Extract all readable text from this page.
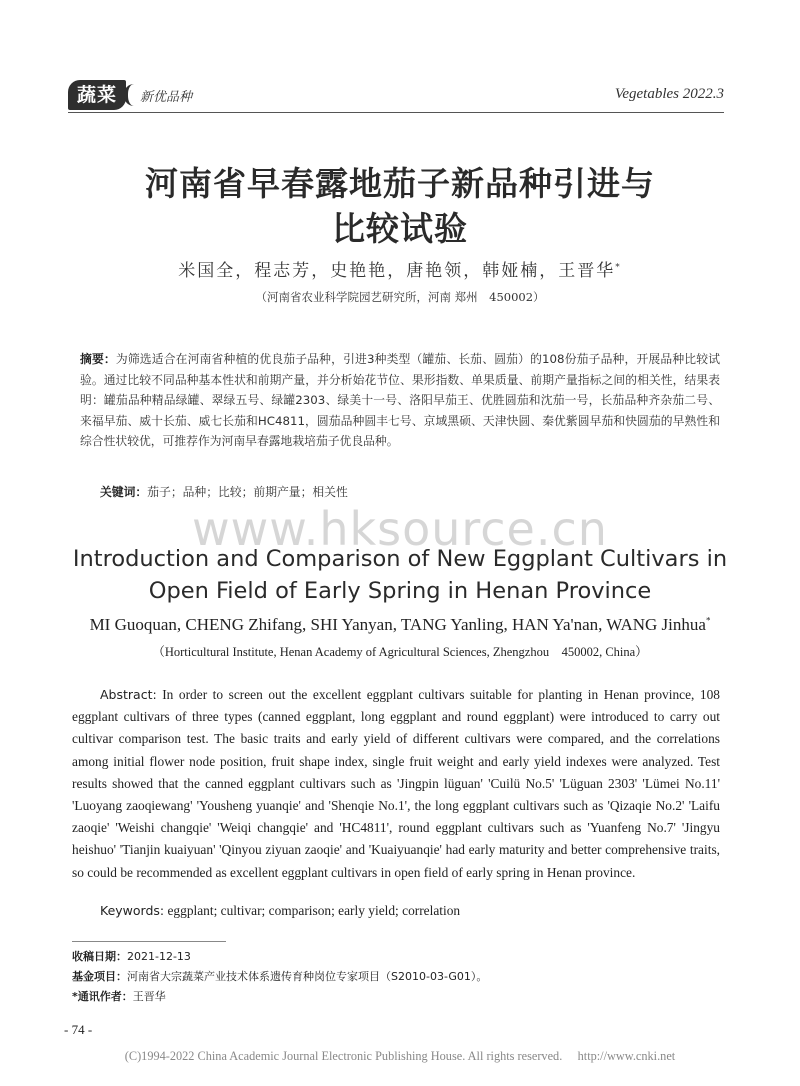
蔬菜	新优品种	Vegetables 2022.3
河南省早春露地茄子新品种引进与
比较试验
米国全，程志芳，史艳艳，唐艳领，韩娅楠，王晋华*
（河南省农业科学院园艺研究所，河南 郑州　450002）
摘要：为筛选适合在河南省种植的优良茄子品种，引进3种类型（罐茄、长茄、圆茄）的108份茄子品种，开展品种比较试验。通过比较不同品种基本性状和前期产量，并分析始花节位、果形指数、单果质量、前期产量指标之间的相关性，结果表明：罐茄品种精品绿罐、翠绿五号、绿罐2303、绿美十一号、洛阳早茄王、优胜圆茄和沈茄一号，长茄品种齐杂茄二号、来福早茄、威十长茄、威七长茄和HC4811，圆茄品种圆丰七号、京域黑硕、天津快圆、秦优紫圆早茄和快圆茄的早熟性和综合性状较优，可推荐作为河南早春露地栽培茄子优良品种。
关键词：茄子；品种；比较；前期产量；相关性
www.hksource.cn
Introduction and Comparison of New Eggplant Cultivars in
Open Field of Early Spring in Henan Province
MI Guoquan, CHENG Zhifang, SHI Yanyan, TANG Yanling, HAN Ya'nan, WANG Jinhua*
（Horticultural Institute, Henan Academy of Agricultural Sciences, Zhengzhou　450002, China）
Abstract: In order to screen out the excellent eggplant cultivars suitable for planting in Henan province, 108 eggplant cultivars of three types (canned eggplant, long eggplant and round eggplant) were introduced to carry out cultivar comparison test. The basic traits and early yield of different cultivars were compared, and the correlations among initial flower node position, fruit shape index, single fruit weight and early yield indexes were analyzed. Test results showed that the canned eggplant cultivars such as 'Jingpin lüguan' 'Cuilü No.5' 'Lüguan 2303' 'Lümei No.11' 'Luoyang zaoqiewang' 'Yousheng yuanqie' and 'Shenqie No.1', the long eggplant cultivars such as 'Qizaqie No.2' 'Laifu zaoqie' 'Weishi changqie' 'Weiqi changqie' and 'HC4811', round eggplant cultivars such as 'Yuanfeng No.7' 'Jingyu heishuo' 'Tianjin kuaiyuan' 'Qinyou ziyuan zaoqie' and 'Kuaiyuanqie' had early maturity and better comprehensive traits, so could be recommended as excellent eggplant cultivars in open field of early spring in Henan province.
Keywords: eggplant; cultivar; comparison; early yield; correlation
收稿日期：2021-12-13
基金项目：河南省大宗蔬菜产业技术体系遗传育种岗位专家项目（S2010-03-G01）。
*通讯作者：王晋华
- 74 -
(C)1994-2022 China Academic Journal Electronic Publishing House. All rights reserved.　 http://www.cnki.net
